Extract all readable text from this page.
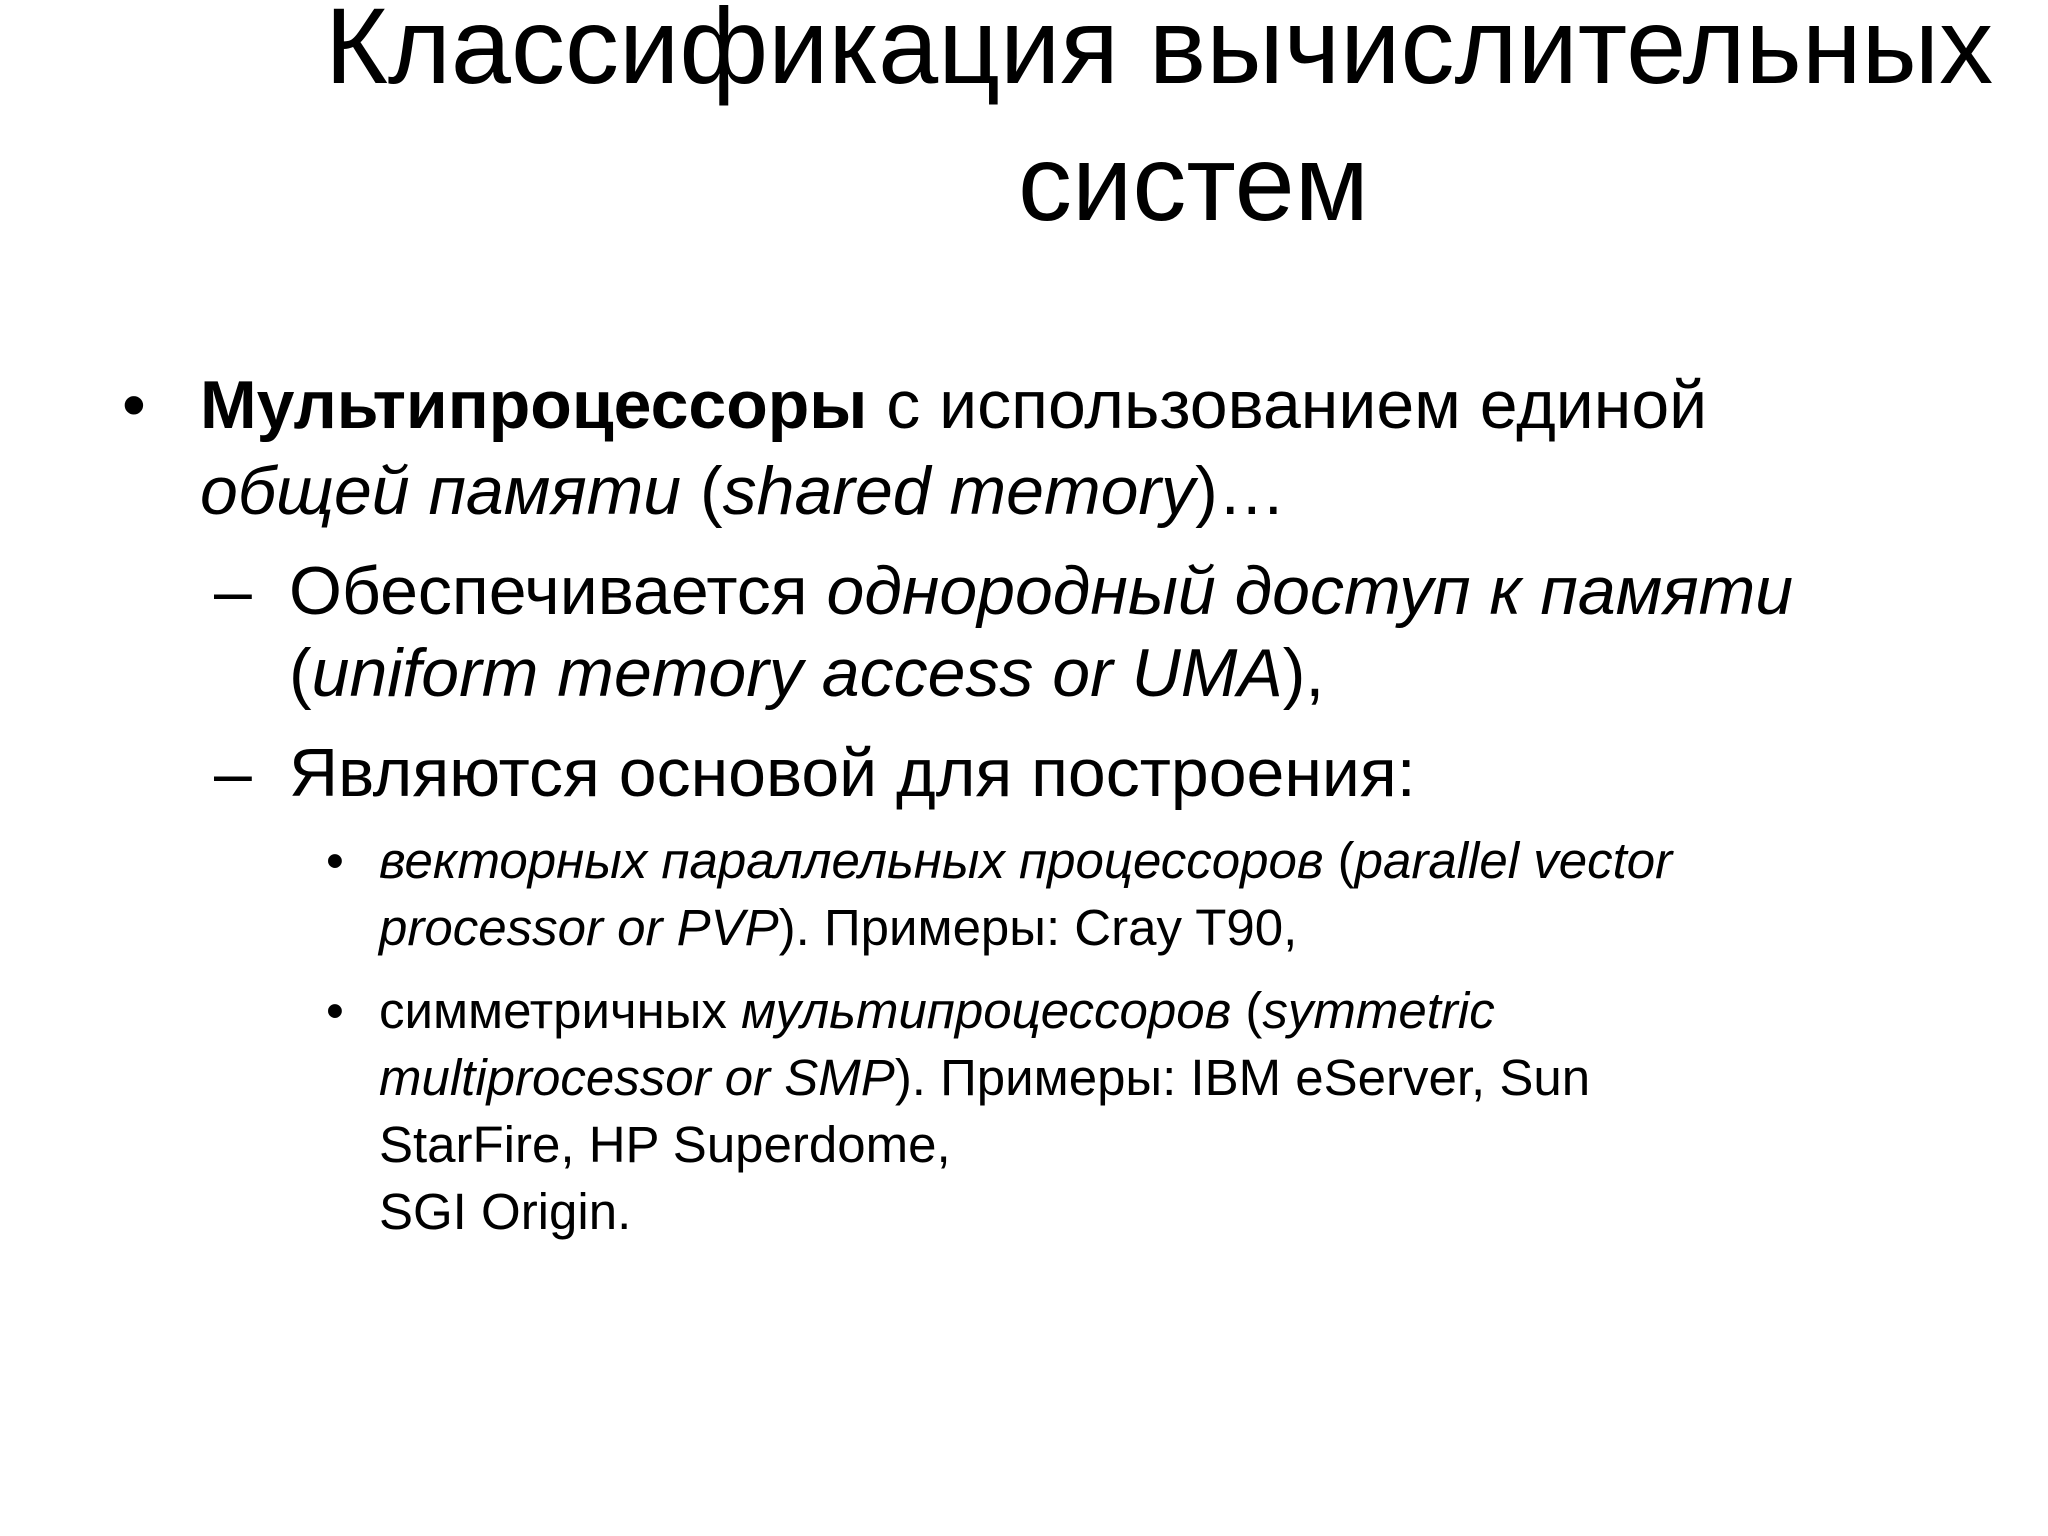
Классификация вычислительных
систем
• Мультипроцессоры с использованием единой
общей памяти (shared memory)…
– Обеспечивается однородный доступ к памяти
(uniform memory access or UMA),
– Являются основой для построения:
• векторных параллельных процессоров (parallel vector
processor or PVP). Примеры: Cray T90,
• симметричных мультипроцессоров (symmetric
multiprocessor or SMP). Примеры: IBM eServer, Sun
StarFire, HP Superdome,
SGI Origin.
